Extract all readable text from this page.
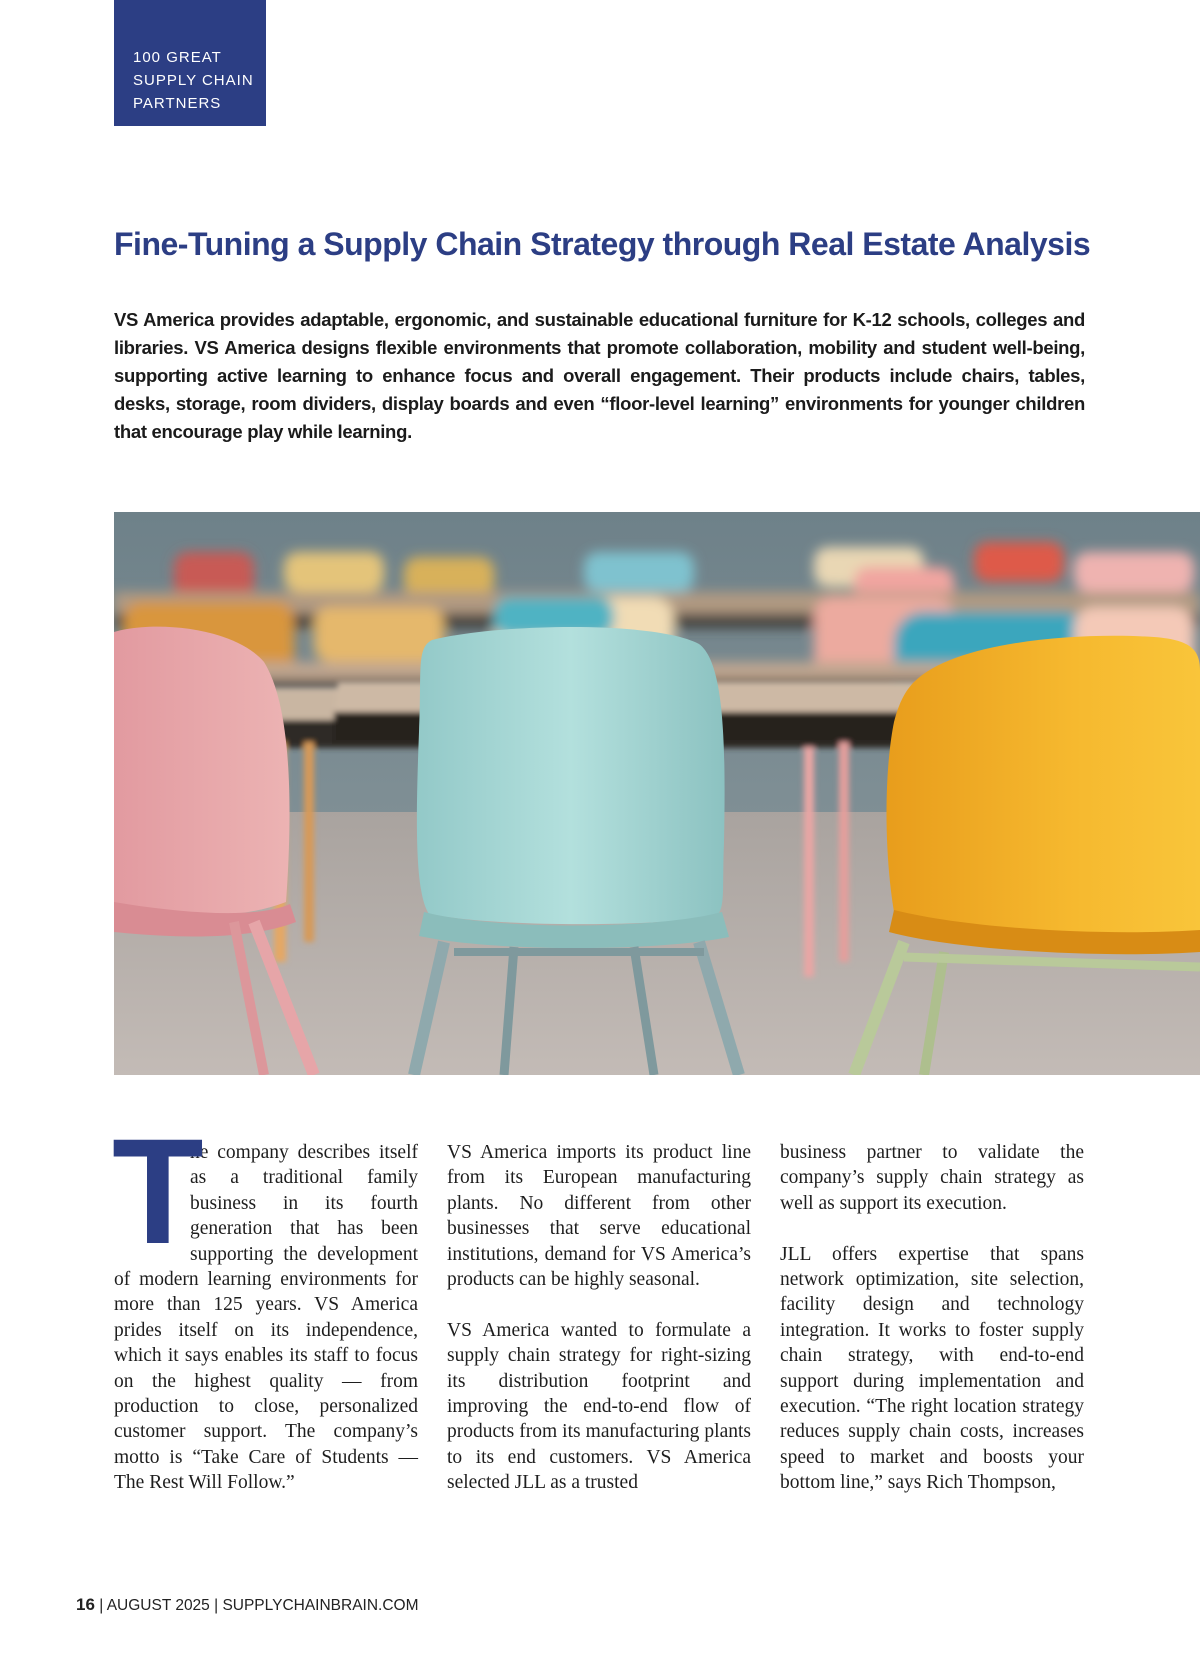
100 GREAT
SUPPLY CHAIN
PARTNERS
Fine-Tuning a Supply Chain Strategy through Real Estate Analysis

VS America provides adaptable, ergonomic, and sustainable educational furniture for K-12 schools, colleges and libraries. VS America designs flexible environments that promote collaboration, mobility and student well-being, supporting active learning to enhance focus and overall engagement. Their products include chairs, tables, desks, storage, room dividers, display boards and even “floor-level learning” environments for younger children that encourage play while learning.

T
he company describes itself as a traditional family business in its fourth generation that has been supporting the development of modern learning environments for more than 125 years. VS America prides itself on its independence, which it says enables its staff to focus on the highest quality — from production to close, personalized customer support. The company’s motto is “Take Care of Students — The Rest Will Follow.”

VS America imports its product line from its European manufacturing plants. No different from other businesses that serve educational institutions, demand for VS America’s products can be highly seasonal.

VS America wanted to formulate a supply chain strategy for right-sizing its distribution footprint and improving the end-to-end flow of products from its manufacturing plants to its end customers. VS America selected JLL as a trusted

business partner to validate the company’s supply chain strategy as well as support its execution.

JLL offers expertise that spans network optimization, site selection, facility design and technology integration. It works to foster supply chain strategy, with end-to-end support during implementation and execution. “The right location strategy reduces supply chain costs, increases speed to market and boosts your bottom line,” says Rich Thompson,

16 | AUGUST 2025 | SUPPLYCHAINBRAIN.COM
